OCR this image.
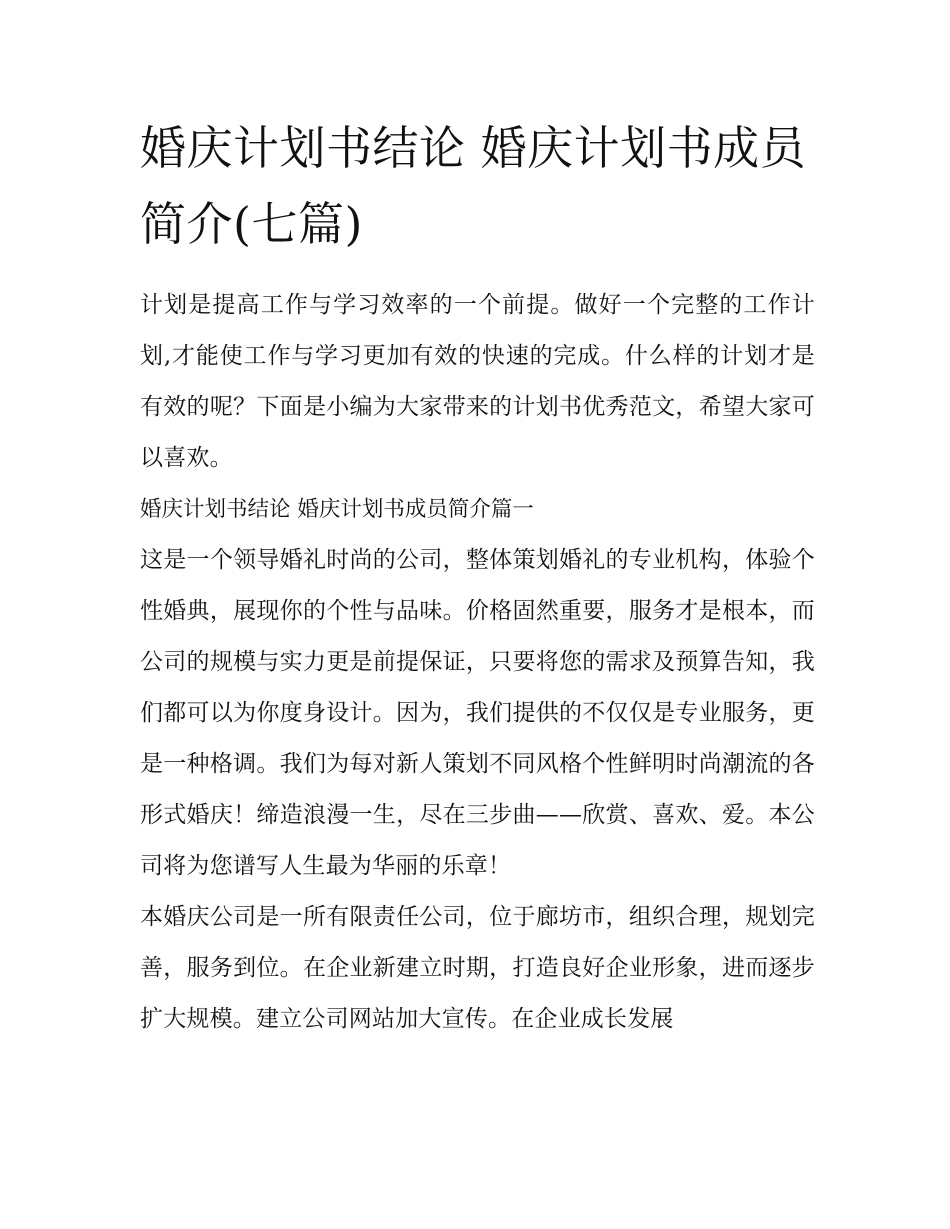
婚庆计划书结论 婚庆计划书成员简介(七篇)

计划是提高工作与学习效率的一个前提。做好一个完整的工作计划,才能使工作与学习更加有效的快速的完成。什么样的计划才是有效的呢？下面是小编为大家带来的计划书优秀范文，希望大家可以喜欢。

婚庆计划书结论 婚庆计划书成员简介篇一

这是一个领导婚礼时尚的公司，整体策划婚礼的专业机构，体验个性婚典，展现你的个性与品味。价格固然重要，服务才是根本，而公司的规模与实力更是前提保证，只要将您的需求及预算告知，我们都可以为你度身设计。因为，我们提供的不仅仅是专业服务，更是一种格调。我们为每对新人策划不同风格个性鲜明时尚潮流的各形式婚庆！缔造浪漫一生，尽在三步曲——欣赏、喜欢、爱。本公司将为您谱写人生最为华丽的乐章！

本婚庆公司是一所有限责任公司，位于廊坊市，组织合理，规划完善，服务到位。在企业新建立时期，打造良好企业形象，进而逐步扩大规模。建立公司网站加大宣传。在企业成长发展
